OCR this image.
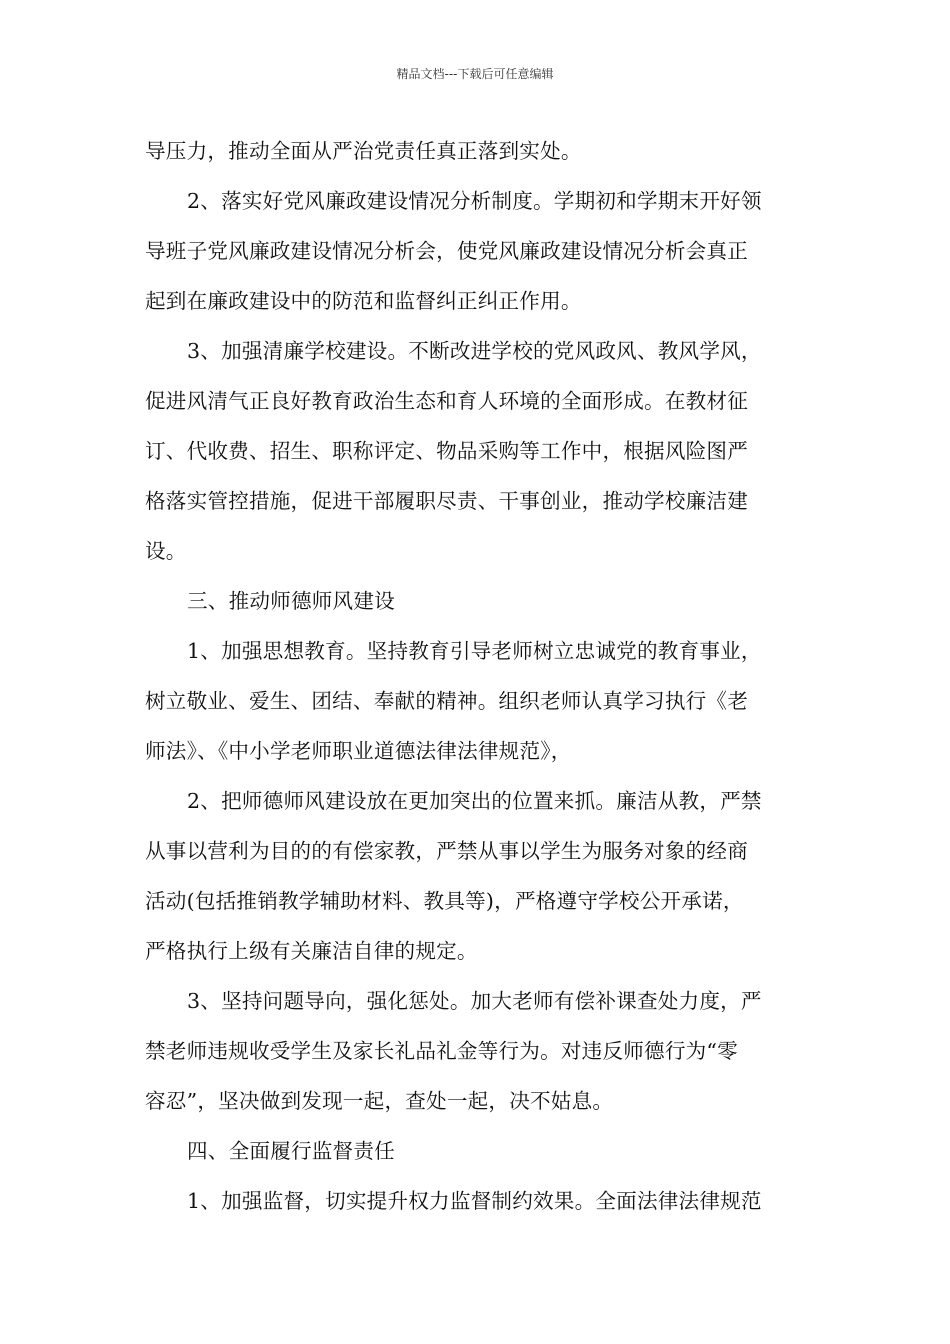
精品文档---下载后可任意编辑
导压力，推动全面从严治党责任真正落到实处。
2、落实好党风廉政建设情况分析制度。学期初和学期末开好领
导班子党风廉政建设情况分析会，使党风廉政建设情况分析会真正
起到在廉政建设中的防范和监督纠正纠正作用。
3、加强清廉学校建设。不断改进学校的党风政风、教风学风，
促进风清气正良好教育政治生态和育人环境的全面形成。在教材征
订、代收费、招生、职称评定、物品采购等工作中，根据风险图严
格落实管控措施，促进干部履职尽责、干事创业，推动学校廉洁建
设。
三、推动师德师风建设
1、加强思想教育。坚持教育引导老师树立忠诚党的教育事业，
树立敬业、爱生、团结、奉献的精神。组织老师认真学习执行《老
师法》、《中小学老师职业道德法律法律规范》，
2、把师德师风建设放在更加突出的位置来抓。廉洁从教，严禁
从事以营利为目的的有偿家教，严禁从事以学生为服务对象的经商
活动(包括推销教学辅助材料、教具等)，严格遵守学校公开承诺，
严格执行上级有关廉洁自律的规定。
3、坚持问题导向，强化惩处。加大老师有偿补课查处力度，严
禁老师违规收受学生及家长礼品礼金等行为。对违反师德行为“零
容忍”，坚决做到发现一起，查处一起，决不姑息。
四、全面履行监督责任
1、加强监督，切实提升权力监督制约效果。全面法律法律规范
